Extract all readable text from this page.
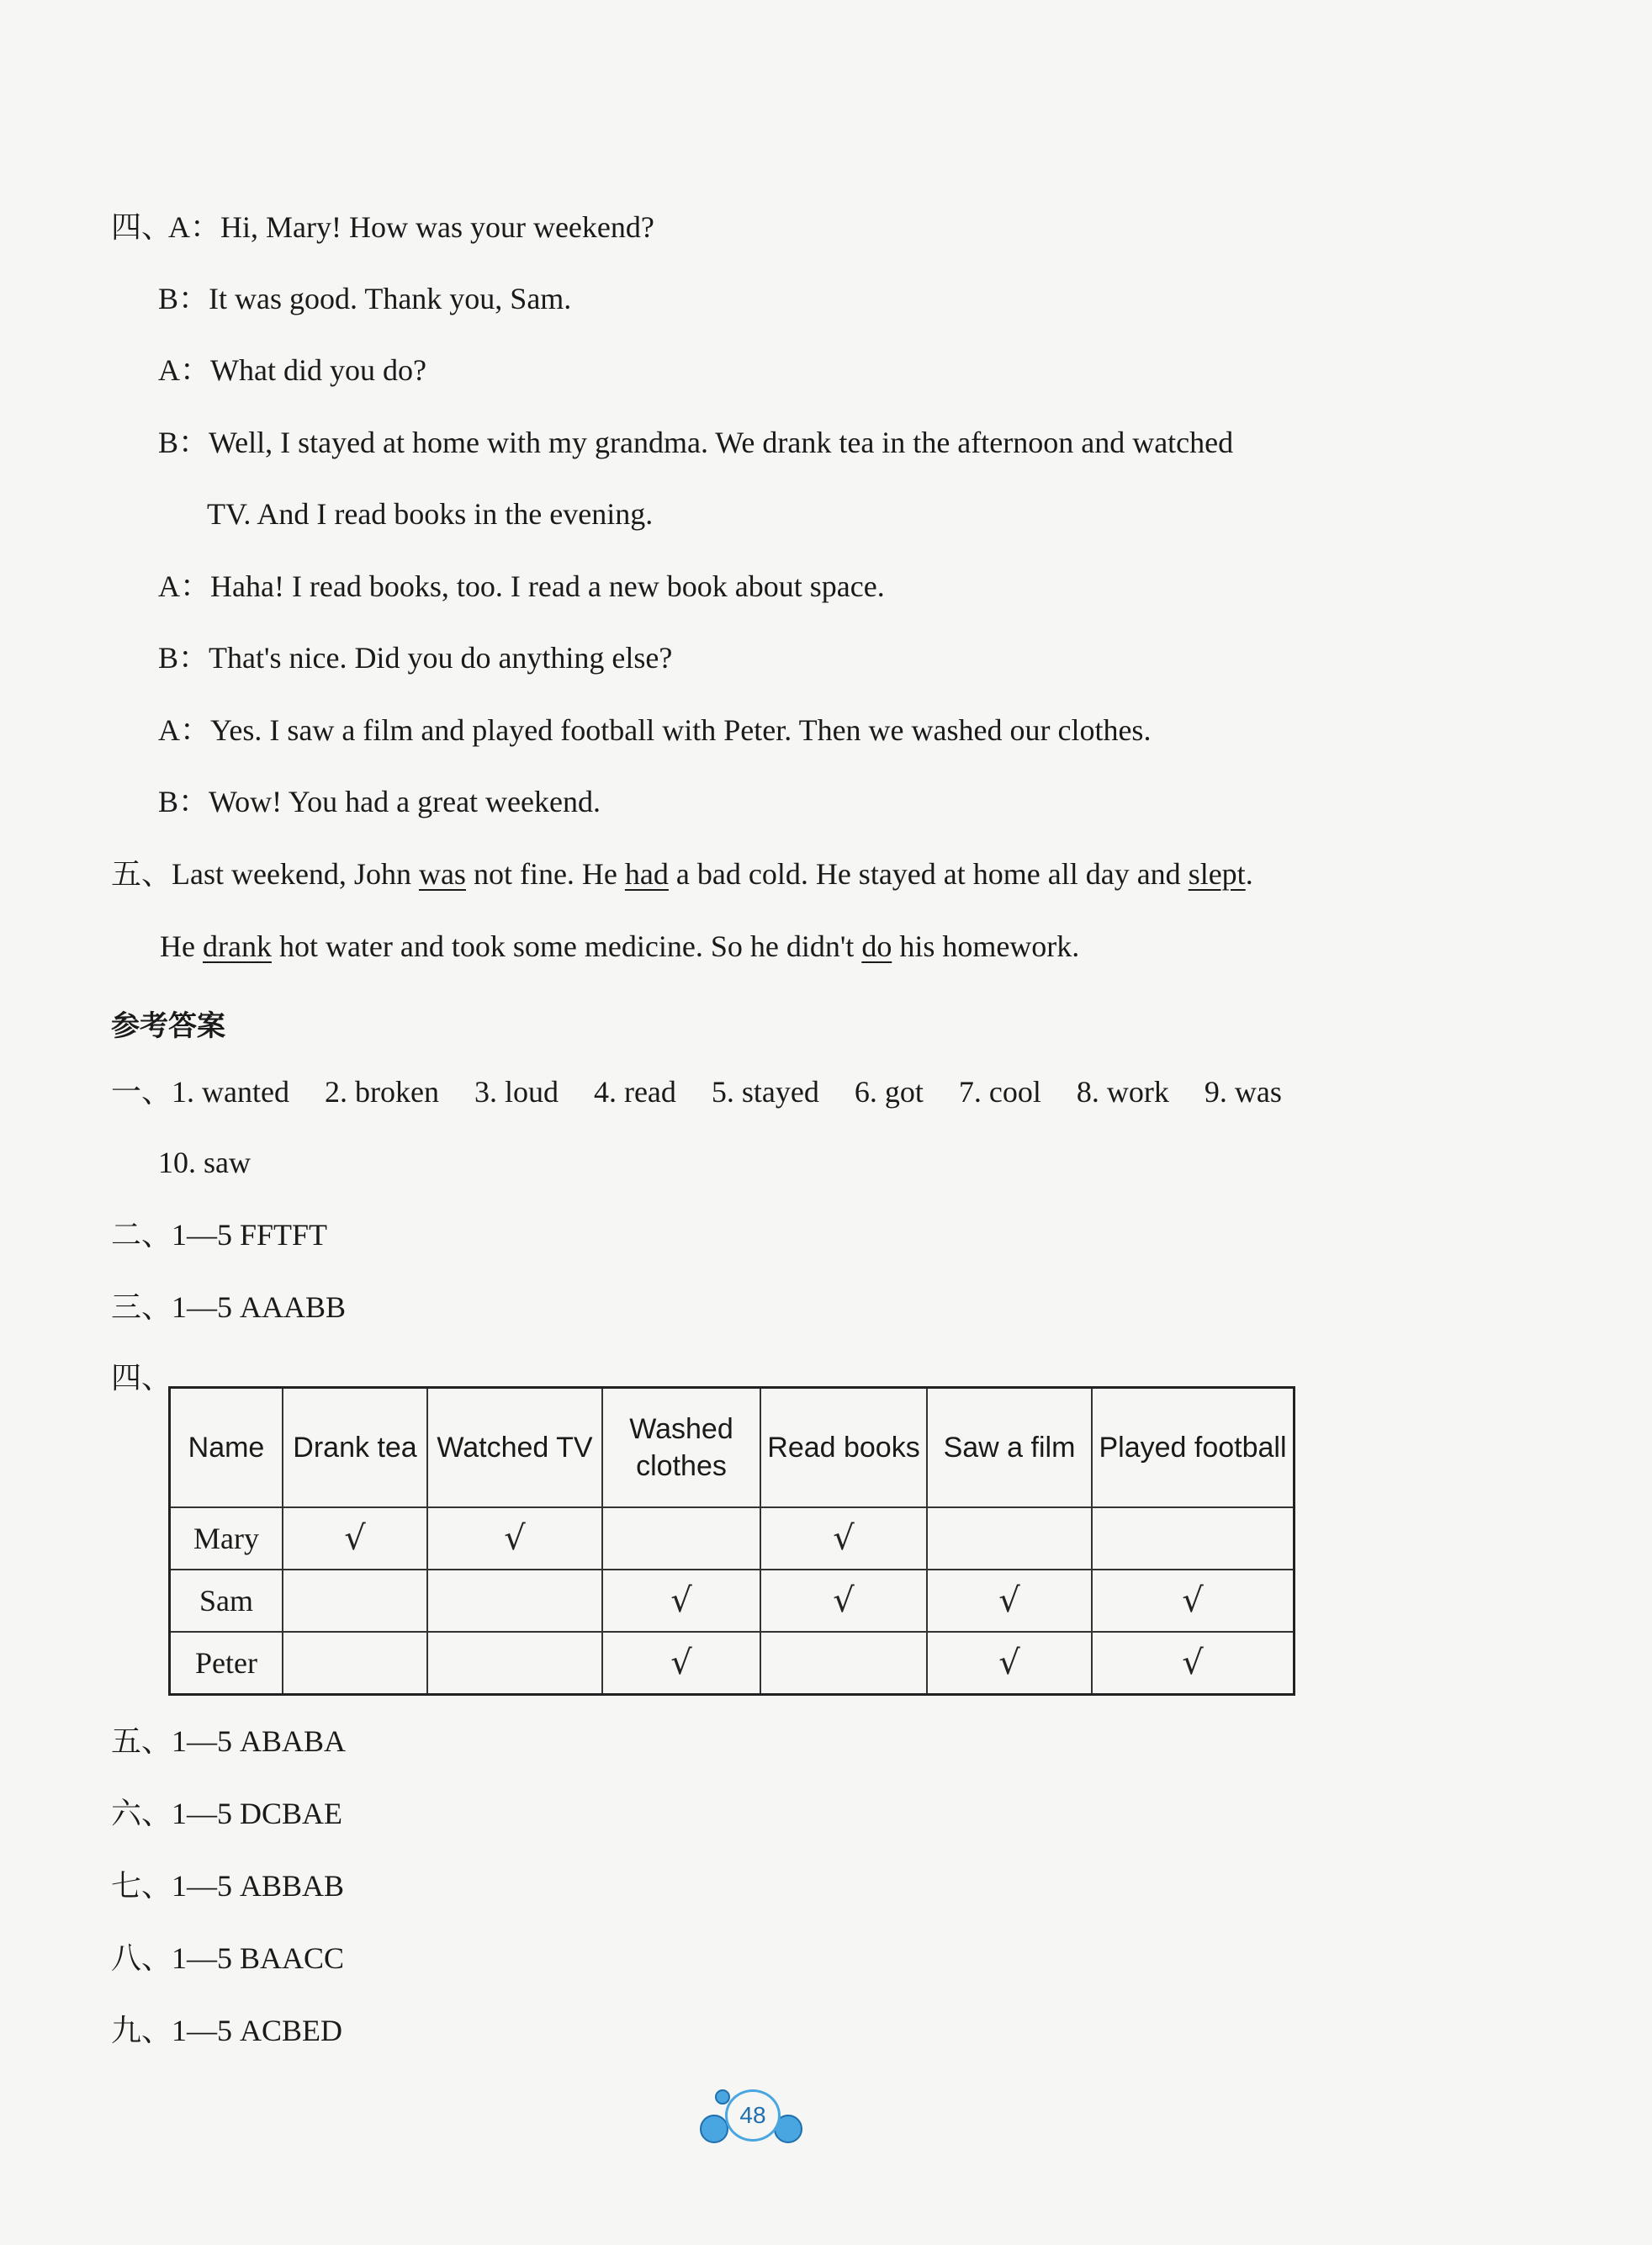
四、A：Hi, Mary! How was your weekend?
B：It was good. Thank you, Sam.
A：What did you do?
B：Well, I stayed at home with my grandma. We drank tea in the afternoon and watched
TV. And I read books in the evening.
A：Haha! I read books, too. I read a new book about space.
B：That's nice. Did you do anything else?
A：Yes. I saw a film and played football with Peter. Then we washed our clothes.
B：Wow! You had a great weekend.
五、Last weekend, John was not fine. He had a bad cold. He stayed at home all day and slept.
He drank hot water and took some medicine. So he didn't do his homework.
参考答案
一、1. wanted 2. broken 3. loud 4. read 5. stayed 6. got 7. cool 8. work 9. was
10. saw
二、1—5 FFTFT
三、1—5 AAABB
四、
Name	Drank tea	Watched TV	Washed clothes	Read books	Saw a film	Played football
Mary	√	√		√		
Sam			√	√	√	√
Peter			√		√	√
五、1—5 ABABA
六、1—5 DCBAE
七、1—5 ABBAB
八、1—5 BAACC
九、1—5 ACBED
48
